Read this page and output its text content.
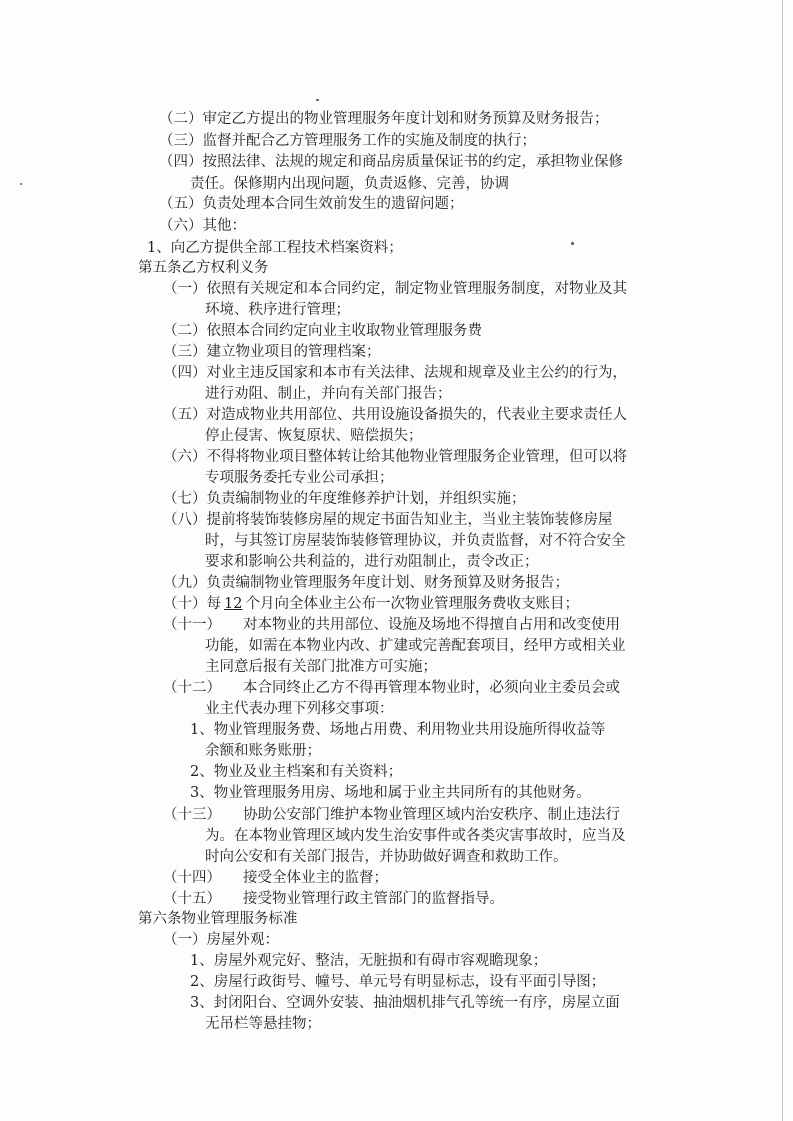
（二）审定乙方提出的物业管理服务年度计划和财务预算及财务报告；
（三）监督并配合乙方管理服务工作的实施及制度的执行；
（四）按照法律、法规的规定和商品房质量保证书的约定，承担物业保修
责任。保修期内出现问题，负责返修、完善，协调
（五）负责处理本合同生效前发生的遗留问题；
（六）其他：
1、向乙方提供全部工程技术档案资料；
第五条乙方权利义务
（一）依照有关规定和本合同约定，制定物业管理服务制度，对物业及其
环境、秩序进行管理；
（二）依照本合同约定向业主收取物业管理服务费
（三）建立物业项目的管理档案；
（四）对业主违反国家和本市有关法律、法规和规章及业主公约的行为，
进行劝阻、制止，并向有关部门报告；
（五）对造成物业共用部位、共用设施设备损失的，代表业主要求责任人
停止侵害、恢复原状、赔偿损失；
（六）不得将物业项目整体转让给其他物业管理服务企业管理，但可以将
专项服务委托专业公司承担；
（七）负责编制物业的年度维修养护计划，并组织实施；
（八）提前将装饰装修房屋的规定书面告知业主，当业主装饰装修房屋
时，与其签订房屋装饰装修管理协议，并负责监督，对不符合安全
要求和影响公共利益的，进行劝阻制止，责令改正；
（九）负责编制物业管理服务年度计划、财务预算及财务报告；
（十）每 12 个月向全体业主公布一次物业管理服务费收支账目；
（十一） 对本物业的共用部位、设施及场地不得擅自占用和改变使用
功能，如需在本物业内改、扩建或完善配套项目，经甲方或相关业
主同意后报有关部门批准方可实施；
（十二） 本合同终止乙方不得再管理本物业时，必须向业主委员会或
业主代表办理下列移交事项：
1、物业管理服务费、场地占用费、利用物业共用设施所得收益等
余额和账务账册；
2、物业及业主档案和有关资料；
3、物业管理服务用房、场地和属于业主共同所有的其他财务。
（十三） 协助公安部门维护本物业管理区域内治安秩序、制止违法行
为。在本物业管理区域内发生治安事件或各类灾害事故时，应当及
时向公安和有关部门报告，并协助做好调查和救助工作。
（十四） 接受全体业主的监督；
（十五） 接受物业管理行政主管部门的监督指导。
第六条物业管理服务标准
（一）房屋外观：
1、房屋外观完好、整洁，无脏损和有碍市容观瞻现象；
2、房屋行政街号、幢号、单元号有明显标志，设有平面引导图；
3、封闭阳台、空调外安装、抽油烟机排气孔等统一有序，房屋立面
无吊栏等悬挂物；
